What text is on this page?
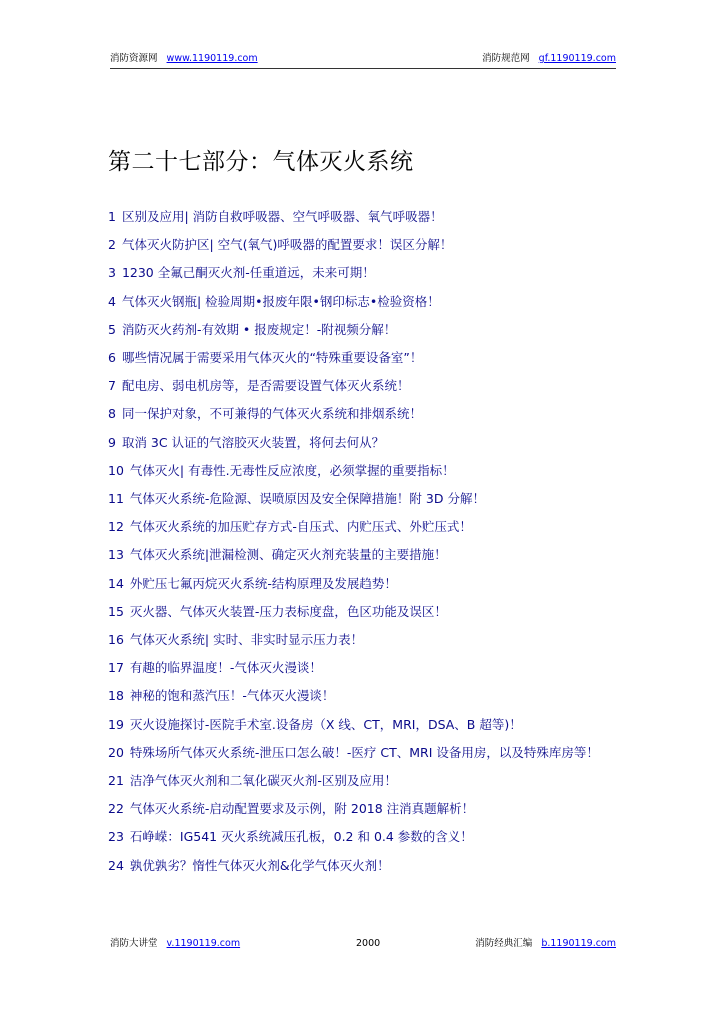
消防资源网 www.1190119.com	消防规范网 gf.1190119.com
第二十七部分：气体灭火系统
1 区别及应用| 消防自救呼吸器、空气呼吸器、氧气呼吸器！
2 气体灭火防护区| 空气(氧气)呼吸器的配置要求！误区分解！
3 1230 全氟己酮灭火剂-任重道远，未来可期！
4 气体灭火钢瓶| 检验周期•报废年限•钢印标志•检验资格！
5 消防灭火药剂-有效期 • 报废规定！-附视频分解！
6 哪些情况属于需要采用气体灭火的“特殊重要设备室”！
7 配电房、弱电机房等，是否需要设置气体灭火系统！
8 同一保护对象，不可兼得的气体灭火系统和排烟系统！
9 取消 3C 认证的气溶胶灭火装置，将何去何从？
10 气体灭火| 有毒性.无毒性反应浓度，必须掌握的重要指标！
11 气体灭火系统-危险源、误喷原因及安全保障措施！附 3D 分解！
12 气体灭火系统的加压贮存方式-自压式、内贮压式、外贮压式！
13 气体灭火系统|泄漏检测、确定灭火剂充装量的主要措施！
14 外贮压七氟丙烷灭火系统-结构原理及发展趋势！
15 灭火器、气体灭火装置-压力表标度盘，色区功能及误区！
16 气体灭火系统| 实时、非实时显示压力表！
17 有趣的临界温度！-气体灭火漫谈！
18 神秘的饱和蒸汽压！-气体灭火漫谈！
19 灭火设施探讨-医院手术室.设备房（X 线、CT，MRI，DSA、B 超等)！
20 特殊场所气体灭火系统-泄压口怎么破！-医疗 CT、MRI 设备用房，以及特殊库房等！
21 洁净气体灭火剂和二氧化碳灭火剂-区别及应用！
22 气体灭火系统-启动配置要求及示例，附 2018 注消真题解析！
23 石峥嵘：IG541 灭火系统减压孔板，0.2 和 0.4 参数的含义！
24 孰优孰劣？惰性气体灭火剂&化学气体灭火剂！
消防大讲堂 v.1190119.com	2000	消防经典汇编 b.1190119.com
